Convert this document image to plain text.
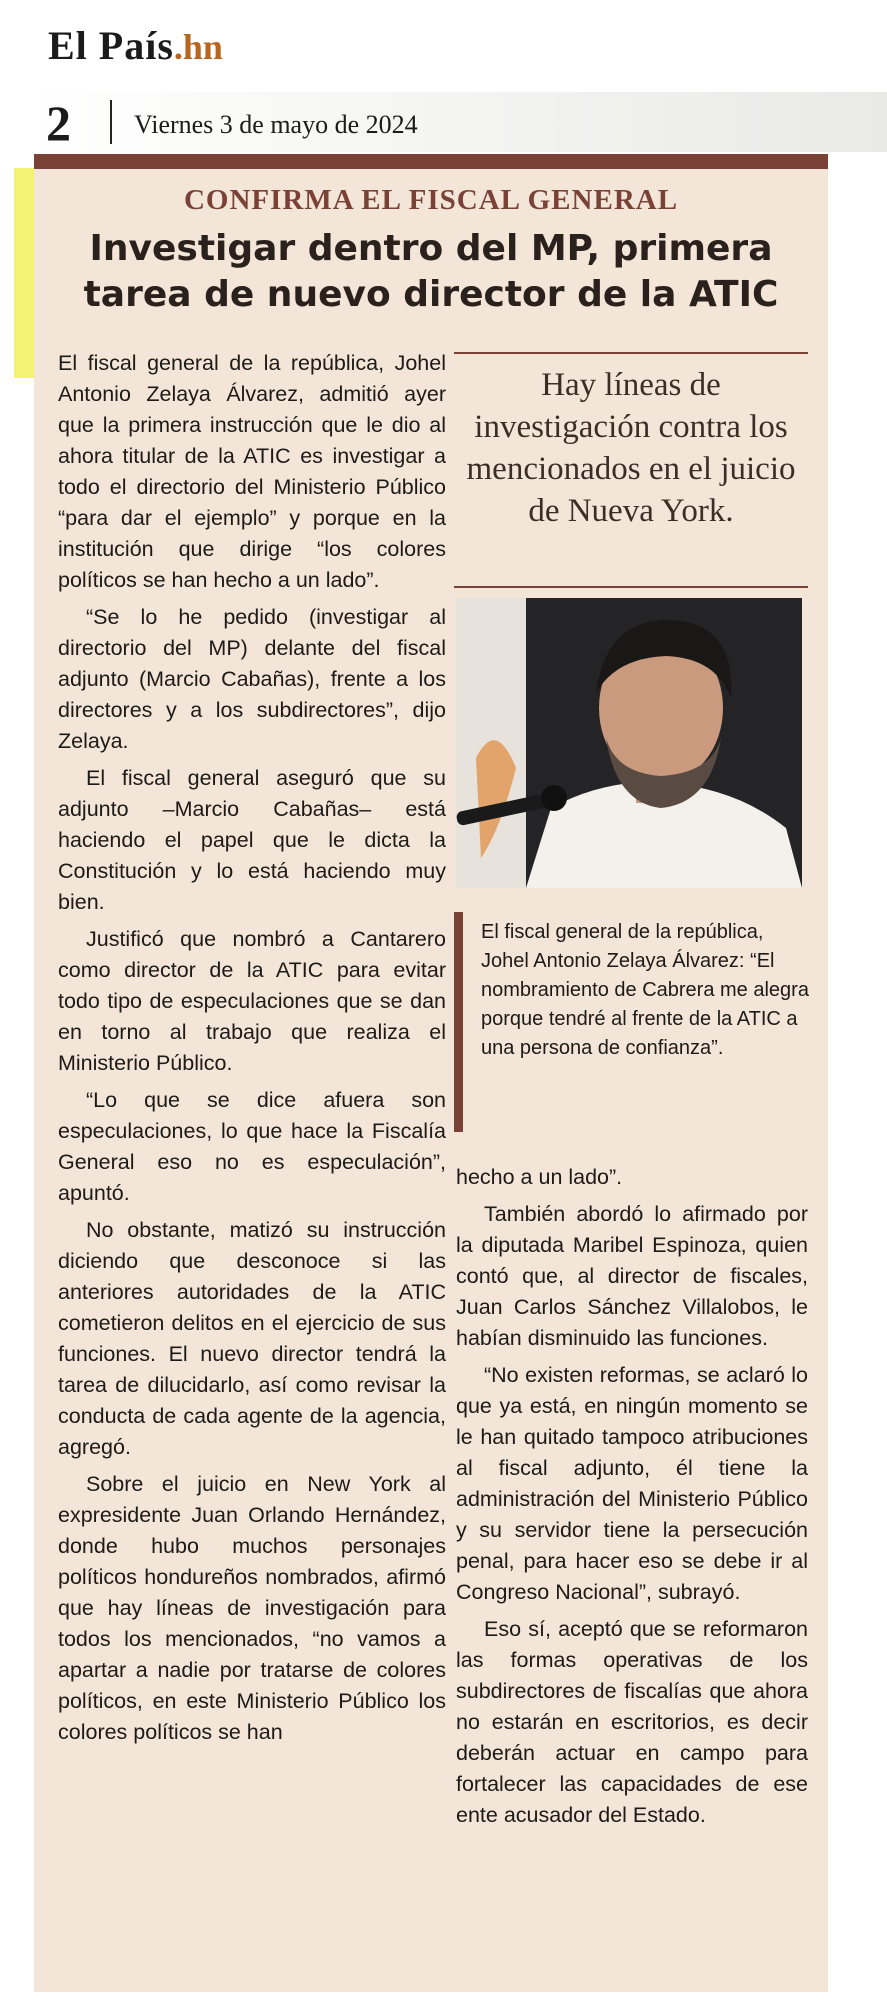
El País.hn
2 Viernes 3 de mayo de 2024
CONFIRMA EL FISCAL GENERAL
Investigar dentro del MP, primera tarea de nuevo director de la ATIC

El fiscal general de la república, Johel Antonio Zelaya Álvarez, admitió ayer que la primera instrucción que le dio al ahora titular de la ATIC es investigar a todo el directorio del Ministerio Público “para dar el ejemplo” y porque en la institución que dirige “los colores políticos se han hecho a un lado”.

“Se lo he pedido (investigar al directorio del MP) delante del fiscal adjunto (Marcio Cabañas), frente a los directores y a los subdirectores”, dijo Zelaya.

El fiscal general aseguró que su adjunto –Marcio Cabañas– está haciendo el papel que le dicta la Constitución y lo está haciendo muy bien.

Justificó que nombró a Cantarero como director de la ATIC para evitar todo tipo de especulaciones que se dan en torno al trabajo que realiza el Ministerio Público.

“Lo que se dice afuera son especulaciones, lo que hace la Fiscalía General eso no es especulación”, apuntó.

No obstante, matizó su instrucción diciendo que desconoce si las anteriores autoridades de la ATIC cometieron delitos en el ejercicio de sus funciones. El nuevo director tendrá la tarea de dilucidarlo, así como revisar la conducta de cada agente de la agencia, agregó.

Sobre el juicio en New York al expresidente Juan Orlando Hernández, donde hubo muchos personajes políticos hondureños nombrados, afirmó que hay líneas de investigación para todos los mencionados, “no vamos a apartar a nadie por tratarse de colores políticos, en este Ministerio Público los colores políticos se han

Hay líneas de investigación contra los mencionados en el juicio de Nueva York.
El fiscal general de la república, Johel Antonio Zelaya Álvarez: “El nombramiento de Cabrera me alegra porque tendré al frente de la ATIC a una persona de confianza”.

hecho a un lado”.

También abordó lo afirmado por la diputada Maribel Espinoza, quien contó que, al director de fiscales, Juan Carlos Sánchez Villalobos, le habían disminuido las funciones.

“No existen reformas, se aclaró lo que ya está, en ningún momento se le han quitado tampoco atribuciones al fiscal adjunto, él tiene la administración del Ministerio Público y su servidor tiene la persecución penal, para hacer eso se debe ir al Congreso Nacional”, subrayó.

Eso sí, aceptó que se reformaron las formas operativas de los subdirectores de fiscalías que ahora no estarán en escritorios, es decir deberán actuar en campo para fortalecer las capacidades de ese ente acusador del Estado.
